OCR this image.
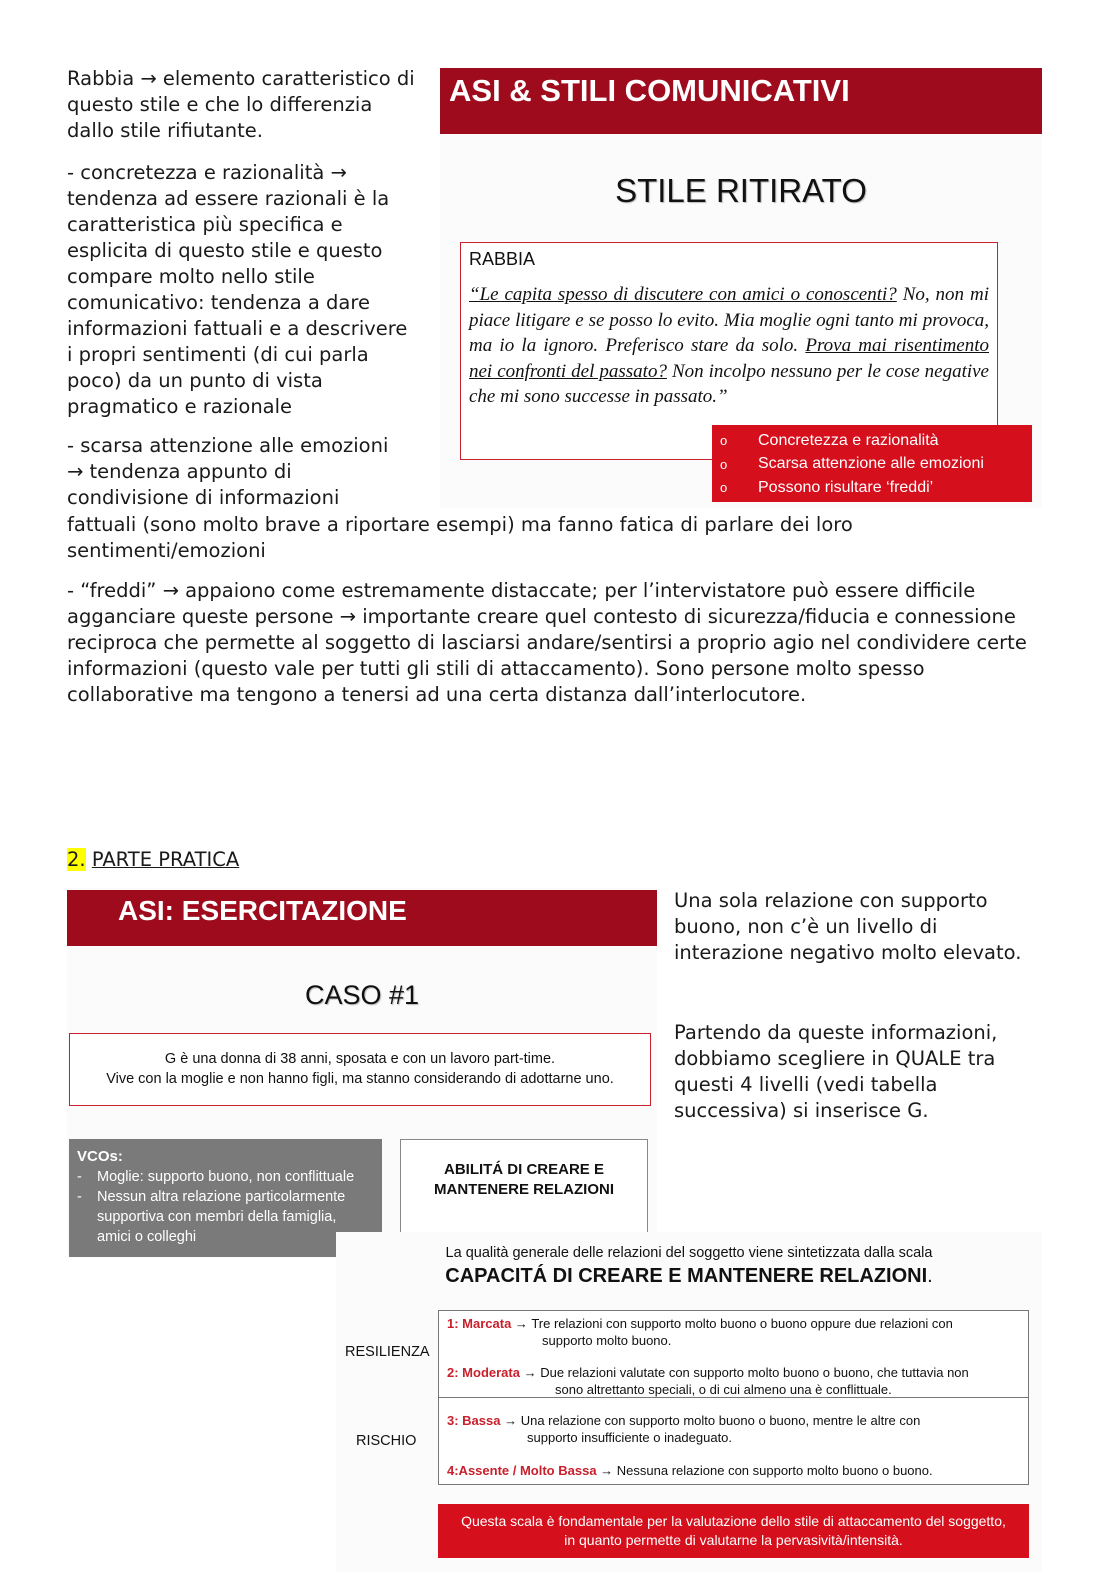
Rabbia → elemento caratteristico di questo stile e che lo differenzia dallo stile rifiutante.
- concretezza e razionalità → tendenza ad essere razionali è la caratteristica più specifica e esplicita di questo stile e questo compare molto nello stile comunicativo: tendenza a dare informazioni fattuali e a descrivere i propri sentimenti (di cui parla poco) da un punto di vista pragmatico e razionale
- scarsa attenzione alle emozioni
→ tendenza appunto di
condivisione di informazioni
fattuali (sono molto brave a riportare esempi) ma fanno fatica di parlare dei loro sentimenti/emozioni
ASI & STILI COMUNICATIVI
STILE RITIRATO
RABBIA
“Le capita spesso di discutere con amici o conoscenti? No, non mi piace litigare e se posso lo evito. Mia moglie ogni tanto mi provoca, ma io la ignoro. Preferisco stare da solo. Prova mai risentimento nei confronti del passato? Non incolpo nessuno per le cose negative che mi sono successe in passato.”
o	Concretezza e razionalità
o	Scarsa attenzione alle emozioni
o	Possono risultare ‘freddi’
- “freddi” → appaiono come estremamente distaccate; per l’intervistatore può essere difficile agganciare queste persone → importante creare quel contesto di sicurezza/fiducia e connessione reciproca che permette al soggetto di lasciarsi andare/sentirsi a proprio agio nel condividere certe informazioni (questo vale per tutti gli stili di attaccamento). Sono persone molto spesso collaborative ma tengono a tenersi ad una certa distanza dall’interlocutore.
2. PARTE PRATICA
ASI: ESERCITAZIONE
CASO #1
G è una donna di 38 anni, sposata e con un lavoro part-time.
Vive con la moglie e non hanno figli, ma stanno considerando di adottarne uno.
VCOs:
-	Moglie: supporto buono, non conflittuale
-	Nessun altra relazione particolarmente supportiva con membri della famiglia, amici o colleghi
ABILITÁ DI CREARE E
MANTENERE RELAZIONI
Una sola relazione con supporto buono, non c’è un livello di interazione negativo molto elevato.
Partendo da queste informazioni, dobbiamo scegliere in QUALE tra questi 4 livelli (vedi tabella successiva) si inserisce G.
La qualità generale delle relazioni del soggetto viene sintetizzata dalla scala
CAPACITÁ DI CREARE E MANTENERE RELAZIONI.
RESILIENZA
RISCHIO
1: Marcata → Tre relazioni con supporto molto buono o buono oppure due relazioni con
supporto molto buono.
2: Moderata → Due relazioni valutate con supporto molto buono o buono, che tuttavia non
sono altrettanto speciali, o di cui almeno una è conflittuale.
3: Bassa → Una relazione con supporto molto buono o buono, mentre le altre con
supporto insufficiente o inadeguato.
4:Assente / Molto Bassa → Nessuna relazione con supporto molto buono o buono.
Questa scala è fondamentale per la valutazione dello stile di attaccamento del soggetto,
in quanto permette di valutarne la pervasività/intensità.
